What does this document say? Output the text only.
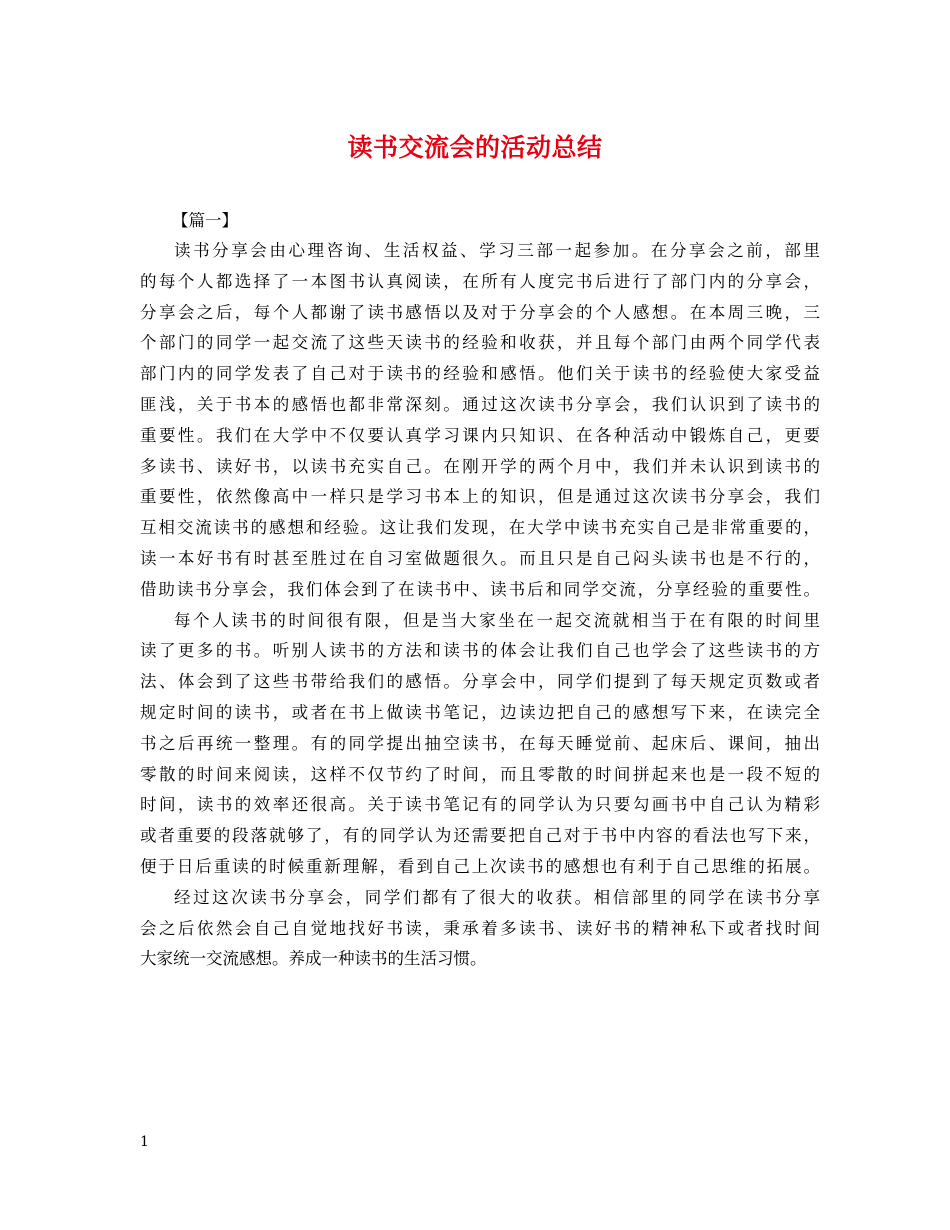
读书交流会的活动总结
【篇一】
读书分享会由心理咨询、生活权益、学习三部一起参加。在分享会之前，部里
的每个人都选择了一本图书认真阅读，在所有人度完书后进行了部门内的分享会，
分享会之后，每个人都谢了读书感悟以及对于分享会的个人感想。在本周三晚，三
个部门的同学一起交流了这些天读书的经验和收获，并且每个部门由两个同学代表
部门内的同学发表了自己对于读书的经验和感悟。他们关于读书的经验使大家受益
匪浅，关于书本的感悟也都非常深刻。通过这次读书分享会，我们认识到了读书的
重要性。我们在大学中不仅要认真学习课内只知识、在各种活动中锻炼自己，更要
多读书、读好书，以读书充实自己。在刚开学的两个月中，我们并未认识到读书的
重要性，依然像高中一样只是学习书本上的知识，但是通过这次读书分享会，我们
互相交流读书的感想和经验。这让我们发现，在大学中读书充实自己是非常重要的，
读一本好书有时甚至胜过在自习室做题很久。而且只是自己闷头读书也是不行的，
借助读书分享会，我们体会到了在读书中、读书后和同学交流，分享经验的重要性。
每个人读书的时间很有限，但是当大家坐在一起交流就相当于在有限的时间里
读了更多的书。听别人读书的方法和读书的体会让我们自己也学会了这些读书的方
法、体会到了这些书带给我们的感悟。分享会中，同学们提到了每天规定页数或者
规定时间的读书，或者在书上做读书笔记，边读边把自己的感想写下来，在读完全
书之后再统一整理。有的同学提出抽空读书，在每天睡觉前、起床后、课间，抽出
零散的时间来阅读，这样不仅节约了时间，而且零散的时间拼起来也是一段不短的
时间，读书的效率还很高。关于读书笔记有的同学认为只要勾画书中自己认为精彩
或者重要的段落就够了，有的同学认为还需要把自己对于书中内容的看法也写下来，
便于日后重读的时候重新理解，看到自己上次读书的感想也有利于自己思维的拓展。
经过这次读书分享会，同学们都有了很大的收获。相信部里的同学在读书分享
会之后依然会自己自觉地找好书读，秉承着多读书、读好书的精神私下或者找时间
大家统一交流感想。养成一种读书的生活习惯。
1
